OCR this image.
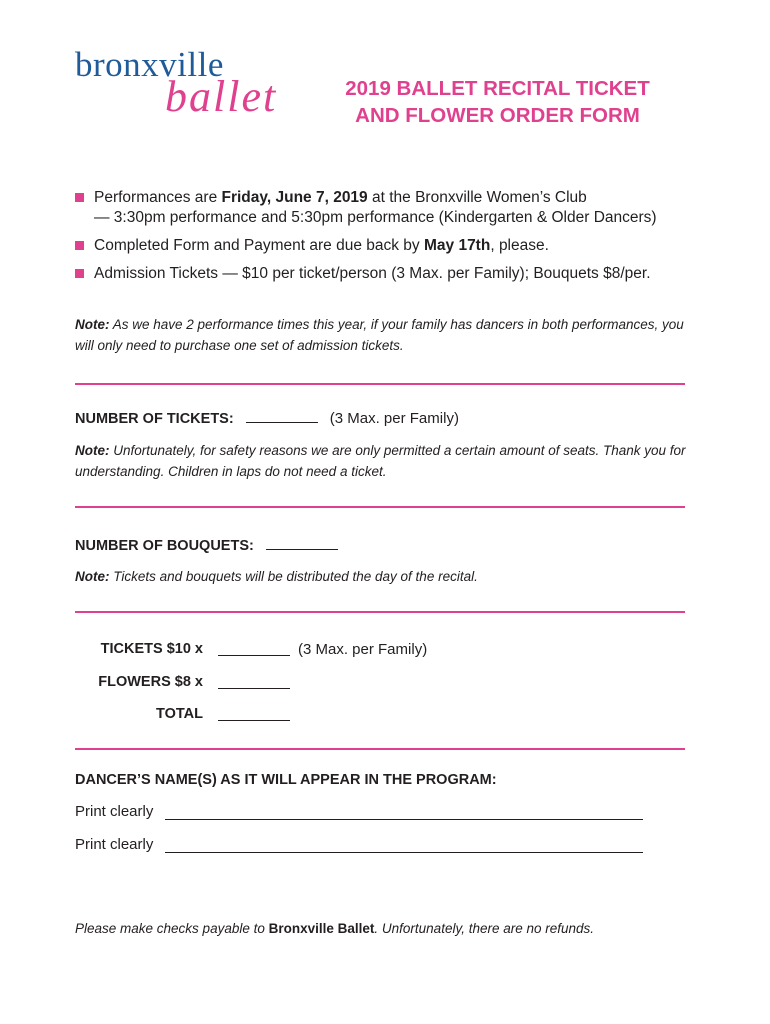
bronxville
ballet	2019 BALLET RECITAL TICKET
AND FLOWER ORDER FORM
Performances are Friday, June 7, 2019 at the Bronxville Women’s Club
— 3:30pm performance and 5:30pm performance (Kindergarten & Older Dancers)
Completed Form and Payment are due back by May 17th, please.
Admission Tickets — $10 per ticket/person (3 Max. per Family); Bouquets $8/per.
Note: As we have 2 performance times this year, if your family has dancers in both performances, you will only need to purchase one set of admission tickets.
NUMBER OF TICKETS:	(3 Max. per Family)
Note: Unfortunately, for safety reasons we are only permitted a certain amount of seats. Thank you for understanding. Children in laps do not need a ticket.
NUMBER OF BOUQUETS:
Note: Tickets and bouquets will be distributed the day of the recital.
TICKETS $10 x	(3 Max. per Family)
FLOWERS $8 x
TOTAL
DANCER’S NAME(S) AS IT WILL APPEAR IN THE PROGRAM:
Print clearly
Print clearly
Please make checks payable to Bronxville Ballet. Unfortunately, there are no refunds.
